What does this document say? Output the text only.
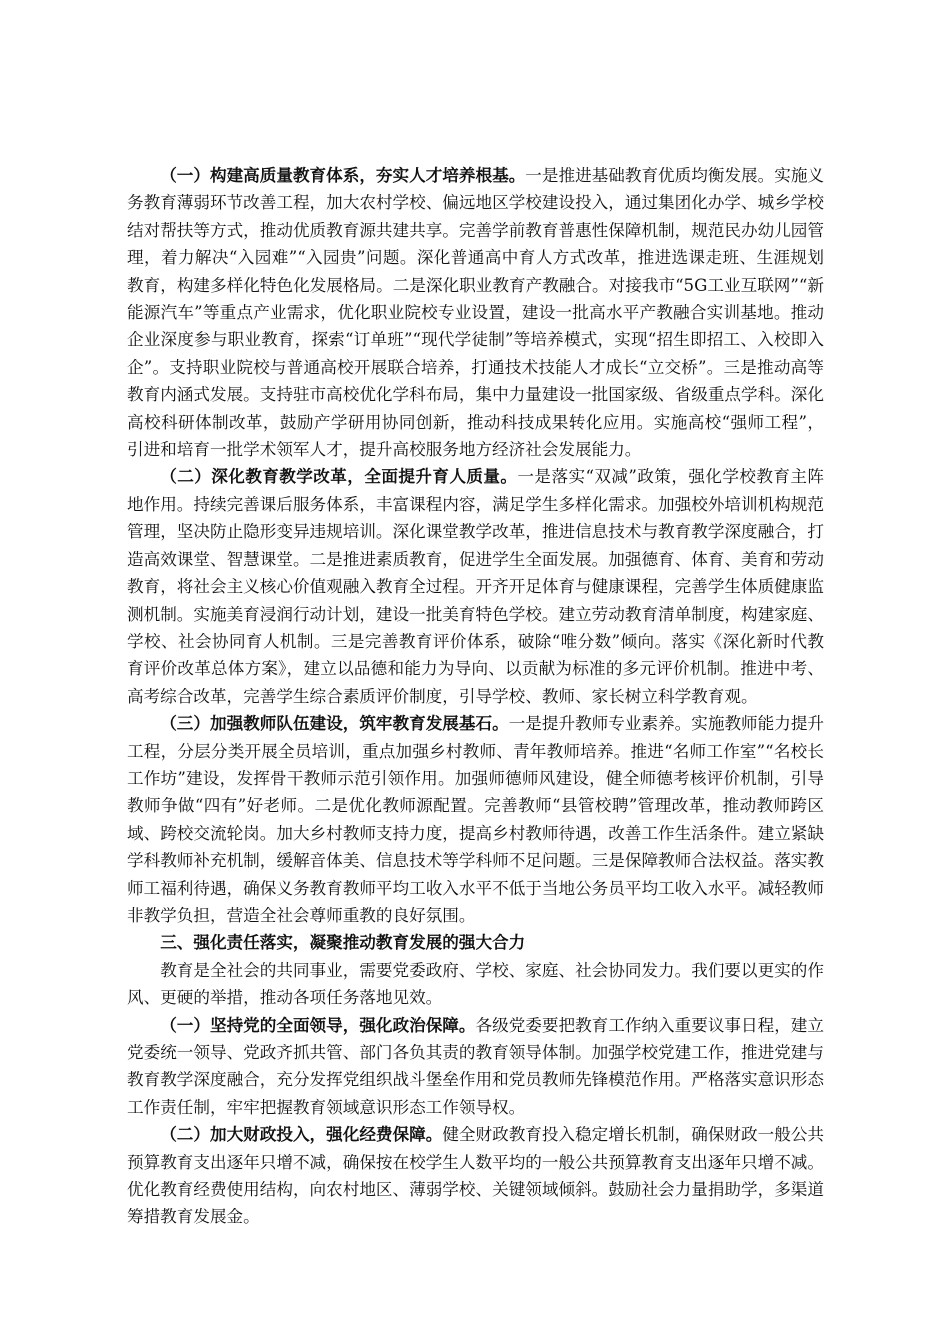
（一）构建高质量教育体系，夯实人才培养根基。一是推进基础教育优质均衡发展。实施义务教育薄弱环节改善工程，加大农村学校、偏远地区学校建设投入，通过集团化办学、城乡学校结对帮扶等方式，推动优质教育源共建共享。完善学前教育普惠性保障机制，规范民办幼儿园管理，着力解决“入园难”“入园贵”问题。深化普通高中育人方式改革，推进选课走班、生涯规划教育，构建多样化特色化发展格局。二是深化职业教育产教融合。对接我市“5G工业互联网”“新能源汽车”等重点产业需求，优化职业院校专业设置，建设一批高水平产教融合实训基地。推动企业深度参与职业教育，探索“订单班”“现代学徒制”等培养模式，实现“招生即招工、入校即入企”。支持职业院校与普通高校开展联合培养，打通技术技能人才成长“立交桥”。三是推动高等教育内涵式发展。支持驻市高校优化学科布局，集中力量建设一批国家级、省级重点学科。深化高校科研体制改革，鼓励产学研用协同创新，推动科技成果转化应用。实施高校“强师工程”，引进和培育一批学术领军人才，提升高校服务地方经济社会发展能力。

（二）深化教育教学改革，全面提升育人质量。一是落实“双减”政策，强化学校教育主阵地作用。持续完善课后服务体系，丰富课程内容，满足学生多样化需求。加强校外培训机构规范管理，坚决防止隐形变异违规培训。深化课堂教学改革，推进信息技术与教育教学深度融合，打造高效课堂、智慧课堂。二是推进素质教育，促进学生全面发展。加强德育、体育、美育和劳动教育，将社会主义核心价值观融入教育全过程。开齐开足体育与健康课程，完善学生体质健康监测机制。实施美育浸润行动计划，建设一批美育特色学校。建立劳动教育清单制度，构建家庭、学校、社会协同育人机制。三是完善教育评价体系，破除“唯分数”倾向。落实《深化新时代教育评价改革总体方案》，建立以品德和能力为导向、以贡献为标准的多元评价机制。推进中考、高考综合改革，完善学生综合素质评价制度，引导学校、教师、家长树立科学教育观。

（三）加强教师队伍建设，筑牢教育发展基石。一是提升教师专业素养。实施教师能力提升工程，分层分类开展全员培训，重点加强乡村教师、青年教师培养。推进“名师工作室”“名校长工作坊”建设，发挥骨干教师示范引领作用。加强师德师风建设，健全师德考核评价机制，引导教师争做“四有”好老师。二是优化教师源配置。完善教师“县管校聘”管理改革，推动教师跨区域、跨校交流轮岗。加大乡村教师支持力度，提高乡村教师待遇，改善工作生活条件。建立紧缺学科教师补充机制，缓解音体美、信息技术等学科师不足问题。三是保障教师合法权益。落实教师工福利待遇，确保义务教育教师平均工收入水平不低于当地公务员平均工收入水平。减轻教师非教学负担，营造全社会尊师重教的良好氛围。

三、强化责任落实，凝聚推动教育发展的强大合力

教育是全社会的共同事业，需要党委政府、学校、家庭、社会协同发力。我们要以更实的作风、更硬的举措，推动各项任务落地见效。

（一）坚持党的全面领导，强化政治保障。各级党委要把教育工作纳入重要议事日程，建立党委统一领导、党政齐抓共管、部门各负其责的教育领导体制。加强学校党建工作，推进党建与教育教学深度融合，充分发挥党组织战斗堡垒作用和党员教师先锋模范作用。严格落实意识形态工作责任制，牢牢把握教育领域意识形态工作领导权。

（二）加大财政投入，强化经费保障。健全财政教育投入稳定增长机制，确保财政一般公共预算教育支出逐年只增不减，确保按在校学生人数平均的一般公共预算教育支出逐年只增不减。优化教育经费使用结构，向农村地区、薄弱学校、关键领域倾斜。鼓励社会力量捐助学，多渠道筹措教育发展金。
